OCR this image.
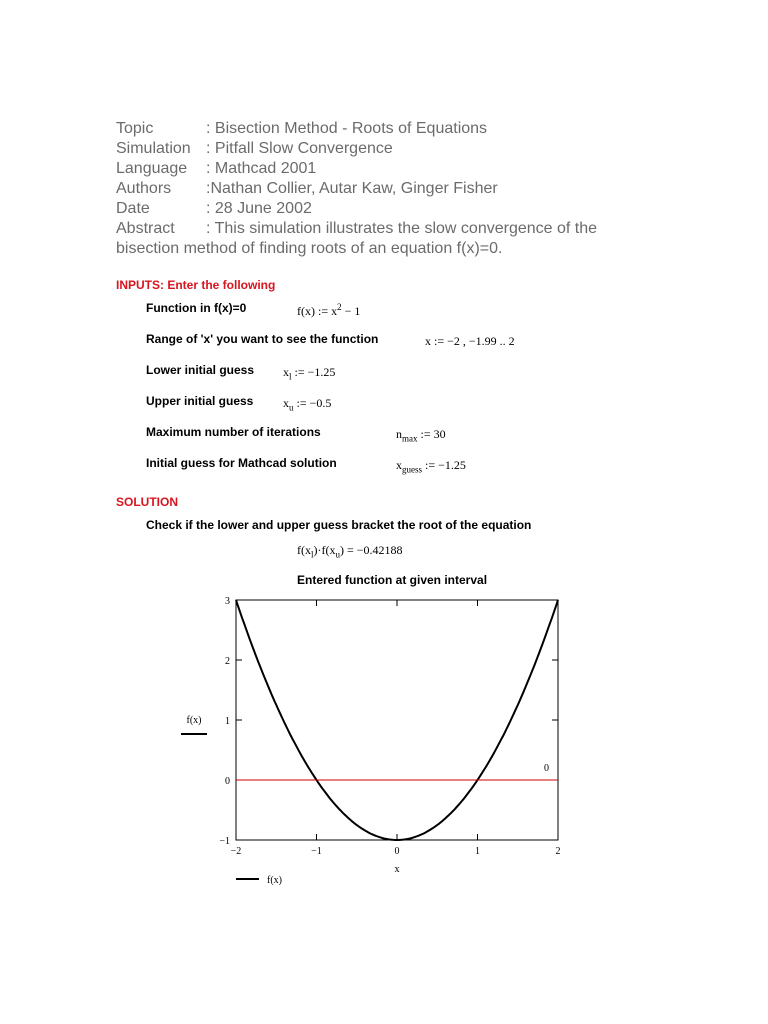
Topic	: Bisection Method - Roots of Equations
Simulation : Pitfall Slow Convergence
Language : Mathcad 2001
Authors :Nathan Collier, Autar Kaw, Ginger Fisher
Date	: 28 June 2002
Abstract : This simulation illustrates the slow convergence of the
bisection method of finding roots of an equation f(x)=0.
INPUTS: Enter the following
Function in f(x)=0	f(x) := $x^2 - 1$
Range of 'x' you want to see the function	x := −2 , −1.99 .. 2
Lower initial guess $x_l$ := −1.25
Upper initial guess $x_u$ := −0.5
Maximum number of iterations	$n_{max}$ := 30
Initial guess for Mathcad solution	$x_{guess}$ := −1.25
SOLUTION
Check if the lower and upper guess bracket the root of the equation
$f(x_l)\cdot f(x_u) = -0.42188$
Entered function at given interval
−2	−1	0	1	2
−1
0
1
2
3
0
x
f(x)
f(x)
